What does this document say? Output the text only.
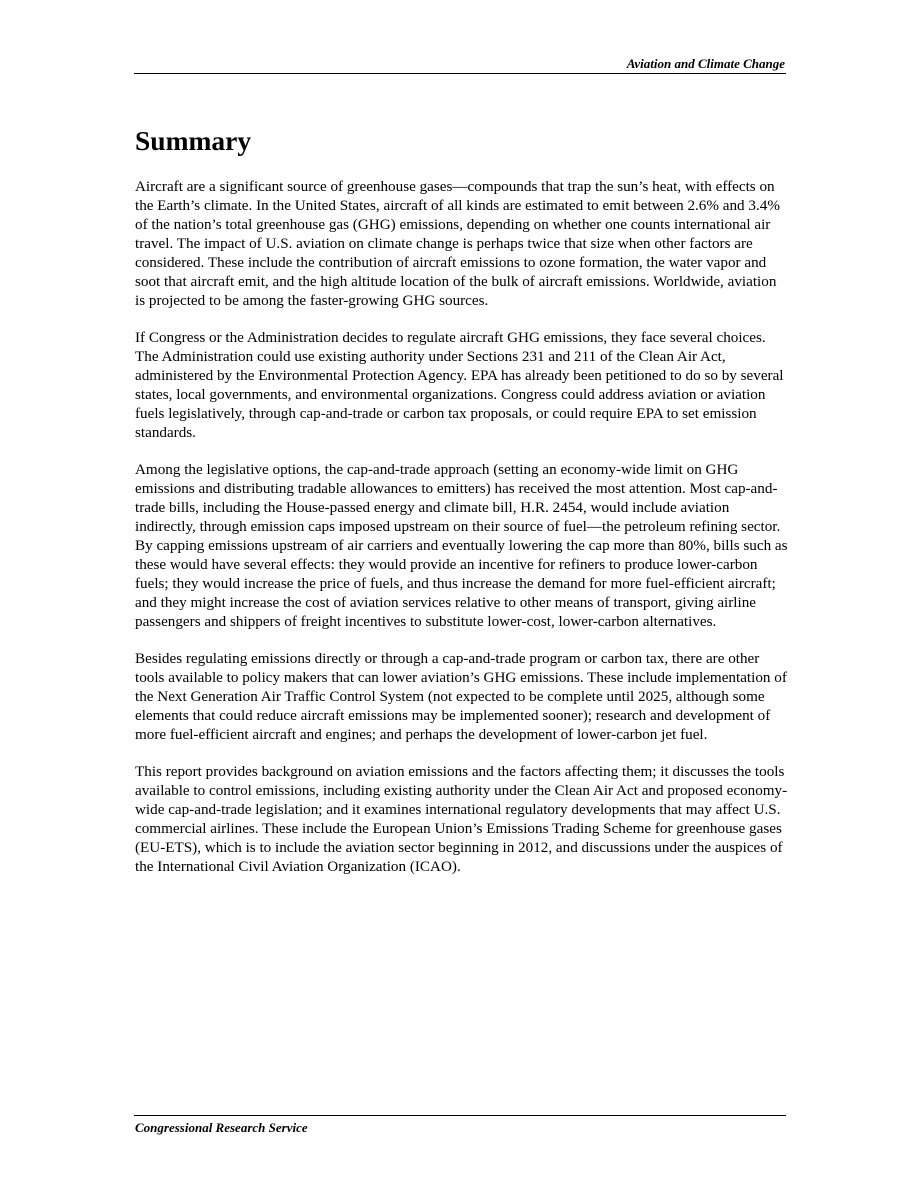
Aviation and Climate Change
Summary

Aircraft are a significant source of greenhouse gases—compounds that trap the sun’s heat, with effects on the Earth’s climate. In the United States, aircraft of all kinds are estimated to emit between 2.6% and 3.4% of the nation’s total greenhouse gas (GHG) emissions, depending on whether one counts international air travel. The impact of U.S. aviation on climate change is perhaps twice that size when other factors are considered. These include the contribution of aircraft emissions to ozone formation, the water vapor and soot that aircraft emit, and the high altitude location of the bulk of aircraft emissions. Worldwide, aviation is projected to be among the faster-growing GHG sources.

If Congress or the Administration decides to regulate aircraft GHG emissions, they face several choices. The Administration could use existing authority under Sections 231 and 211 of the Clean Air Act, administered by the Environmental Protection Agency. EPA has already been petitioned to do so by several states, local governments, and environmental organizations. Congress could address aviation or aviation fuels legislatively, through cap-and-trade or carbon tax proposals, or could require EPA to set emission standards.

Among the legislative options, the cap-and-trade approach (setting an economy-wide limit on GHG emissions and distributing tradable allowances to emitters) has received the most attention. Most cap-and-trade bills, including the House-passed energy and climate bill, H.R. 2454, would include aviation indirectly, through emission caps imposed upstream on their source of fuel—the petroleum refining sector. By capping emissions upstream of air carriers and eventually lowering the cap more than 80%, bills such as these would have several effects: they would provide an incentive for refiners to produce lower-carbon fuels; they would increase the price of fuels, and thus increase the demand for more fuel-efficient aircraft; and they might increase the cost of aviation services relative to other means of transport, giving airline passengers and shippers of freight incentives to substitute lower-cost, lower-carbon alternatives.

Besides regulating emissions directly or through a cap-and-trade program or carbon tax, there are other tools available to policy makers that can lower aviation’s GHG emissions. These include implementation of the Next Generation Air Traffic Control System (not expected to be complete until 2025, although some elements that could reduce aircraft emissions may be implemented sooner); research and development of more fuel-efficient aircraft and engines; and perhaps the development of lower-carbon jet fuel.

This report provides background on aviation emissions and the factors affecting them; it discusses the tools available to control emissions, including existing authority under the Clean Air Act and proposed economy-wide cap-and-trade legislation; and it examines international regulatory developments that may affect U.S. commercial airlines. These include the European Union’s Emissions Trading Scheme for greenhouse gases (EU-ETS), which is to include the aviation sector beginning in 2012, and discussions under the auspices of the International Civil Aviation Organization (ICAO).

Congressional Research Service
